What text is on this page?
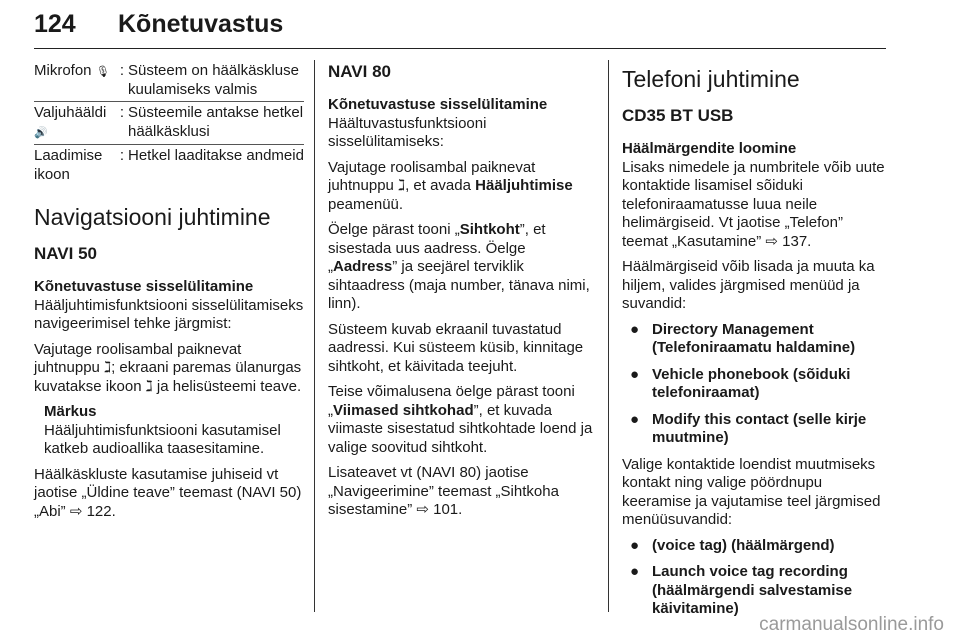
124 Kõnetuvastus
Mikrofon 🎙 : Süsteem on häälkäskluse kuulamiseks valmis
Valjuhääldi
🔊
: Süsteemile antakse hetkel häälkäsklusi
Laadimise ikoon
: Hetkel laaditakse andmeid
Navigatsiooni juhtimine
NAVI 50
Kõnetuvastuse sisselülitamine

Hääljuhtimisfunktsiooni sisselülitamiseks navigeerimisel tehke järgmist:

Vajutage roolisambal paiknevat juhtnuppu ℷ; ekraani paremas ülanurgas kuvatakse ikoon ℷ ja helisüsteemi teave.

Märkus
Hääljuhtimisfunktsiooni kasutamisel katkeb audioallika taasesitamine.

Häälkäskluste kasutamise juhiseid vt jaotise „Üldine teave” teemast (NAVI 50) „Abi” ⇨ 122.

NAVI 80
Kõnetuvastuse sisselülitamine

Häältuvastusfunktsiooni sisselülitamiseks:

Vajutage roolisambal paiknevat juhtnuppu ℷ, et avada Hääljuhtimise peamenüü.

Öelge pärast tooni „Sihtkoht”, et sisestada uus aadress. Öelge „Aadress” ja seejärel terviklik sihtaadress (maja number, tänava nimi, linn).

Süsteem kuvab ekraanil tuvastatud aadressi. Kui süsteem küsib, kinnitage sihtkoht, et käivitada teejuht.

Teise võimalusena öelge pärast tooni „Viimased sihtkohad”, et kuvada viimaste sisestatud sihtkohtade loend ja valige soovitud sihtkoht.

Lisateavet vt (NAVI 80) jaotise „Navigeerimine” teemast „Sihtkoha sisestamine” ⇨ 101.

Telefoni juhtimine
CD35 BT USB
Häälmärgendite loomine

Lisaks nimedele ja numbritele võib uute kontaktide lisamisel sõiduki telefoniraamatusse luua neile helimärgiseid. Vt jaotise „Telefon” teemat „Kasutamine” ⇨ 137.

Häälmärgiseid võib lisada ja muuta ka hiljem, valides järgmised menüüd ja suvandid:

● Directory Management (Telefoniraamatu haldamine)
● Vehicle phonebook (sõiduki telefoniraamat)
● Modify this contact (selle kirje muutmine)

Valige kontaktide loendist muutmiseks kontakt ning valige pöördnupu keeramise ja vajutamise teel järgmised menüüsuvandid:

● (voice tag) (häälmärgend)
● Launch voice tag recording (häälmärgendi salvestamise käivitamine)
carmanualsonline.info
